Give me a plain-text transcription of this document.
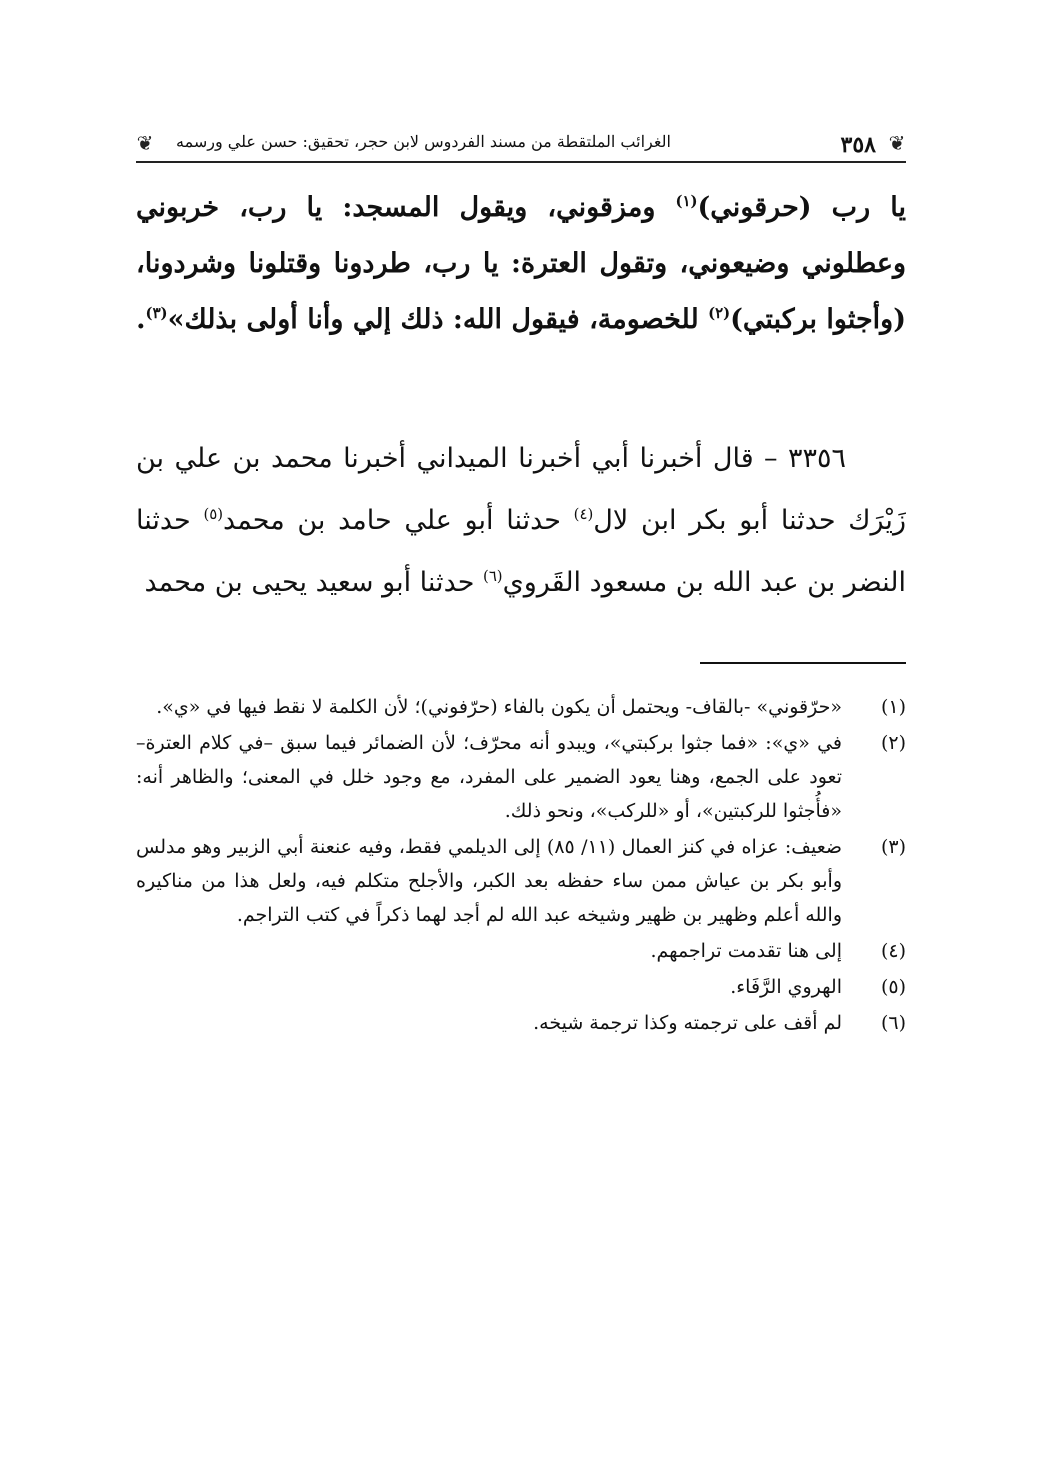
❦
٣٥٨
الغرائب الملتقطة من مسند الفردوس لابن حجر، تحقيق: حسن علي ورسمه
❦

يا رب (حرقوني)$^{(١)}$ ومزقوني، ويقول المسجد: يا رب، خربوني وعطلوني وضيعوني، وتقول العترة: يا رب، طردونا وقتلونا وشردونا، (وأجثوا بركبتي)$^{(٢)}$ للخصومة، فيقول الله: ذلك إلي وأنا أولى بذلك»$^{(٣)}$.

٣٣٥٦ – قال أخبرنا أبي أخبرنا الميداني أخبرنا محمد بن علي بن زَيْرَك حدثنا أبو بكر ابن لال$^{(٤)}$ حدثنا أبو علي حامد بن محمد$^{(٥)}$ حدثنا النضر بن عبد الله بن مسعود القَروي$^{(٦)}$ حدثنا أبو سعيد يحيى بن محمد

(١)
«حرّقوني» -بالقاف- ويحتمل أن يكون بالفاء (حرّفوني)؛ لأن الكلمة لا نقط فيها في «ي».
(٢)
في «ي»: «فما جثوا بركبتي»، ويبدو أنه محرّف؛ لأن الضمائر فيما سبق –في كلام العترة– تعود على الجمع، وهنا يعود الضمير على المفرد، مع وجود خلل في المعنى؛ والظاهر أنه: «فأُجثوا للركبتين»، أو «للركب»، ونحو ذلك.
(٣)
ضعيف: عزاه في كنز العمال (١١/ ٨٥) إلى الديلمي فقط، وفيه عنعنة أبي الزبير وهو مدلس وأبو بكر بن عياش ممن ساء حفظه بعد الكبر، والأجلح متكلم فيه، ولعل هذا من مناكيره والله أعلم وظهير بن ظهير وشيخه عبد الله لم أجد لهما ذكراً في كتب التراجم.
(٤)
إلى هنا تقدمت تراجمهم.
(٥)
الهروي الرَّفَاء.
(٦)
لم أقف على ترجمته وكذا ترجمة شيخه.
